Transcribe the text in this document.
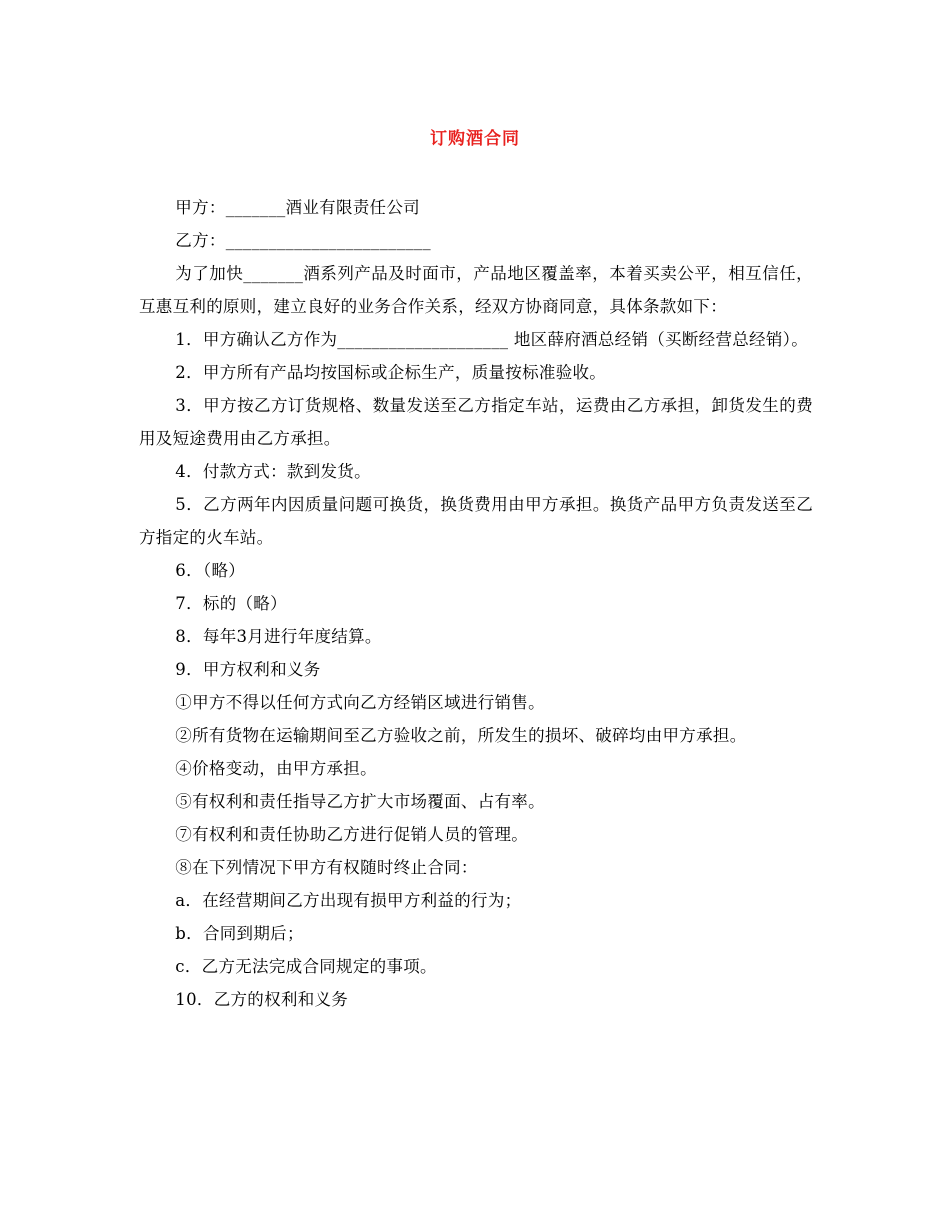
订购酒合同

甲方：_______酒业有限责任公司

乙方：________________________

为了加快_______酒系列产品及时面市，产品地区覆盖率，本着买卖公平，相互信任，互惠互利的原则，建立良好的业务合作关系，经双方协商同意，具体条款如下：

1．甲方确认乙方作为____________________ 地区薛府酒总经销（买断经营总经销）。

2．甲方所有产品均按国标或企标生产，质量按标准验收。

3．甲方按乙方订货规格、数量发送至乙方指定车站，运费由乙方承担，卸货发生的费用及短途费用由乙方承担。

4．付款方式：款到发货。

5．乙方两年内因质量问题可换货，换货费用由甲方承担。换货产品甲方负责发送至乙方指定的火车站。

6．（略）

7．标的（略）

8．每年3月进行年度结算。

9．甲方权利和义务

①甲方不得以任何方式向乙方经销区域进行销售。

②所有货物在运输期间至乙方验收之前，所发生的损坏、破碎均由甲方承担。

④价格变动，由甲方承担。

⑤有权利和责任指导乙方扩大市场覆面、占有率。

⑦有权利和责任协助乙方进行促销人员的管理。

⑧在下列情况下甲方有权随时终止合同：

a．在经营期间乙方出现有损甲方利益的行为；

b．合同到期后；

c．乙方无法完成合同规定的事项。

10．乙方的权利和义务
